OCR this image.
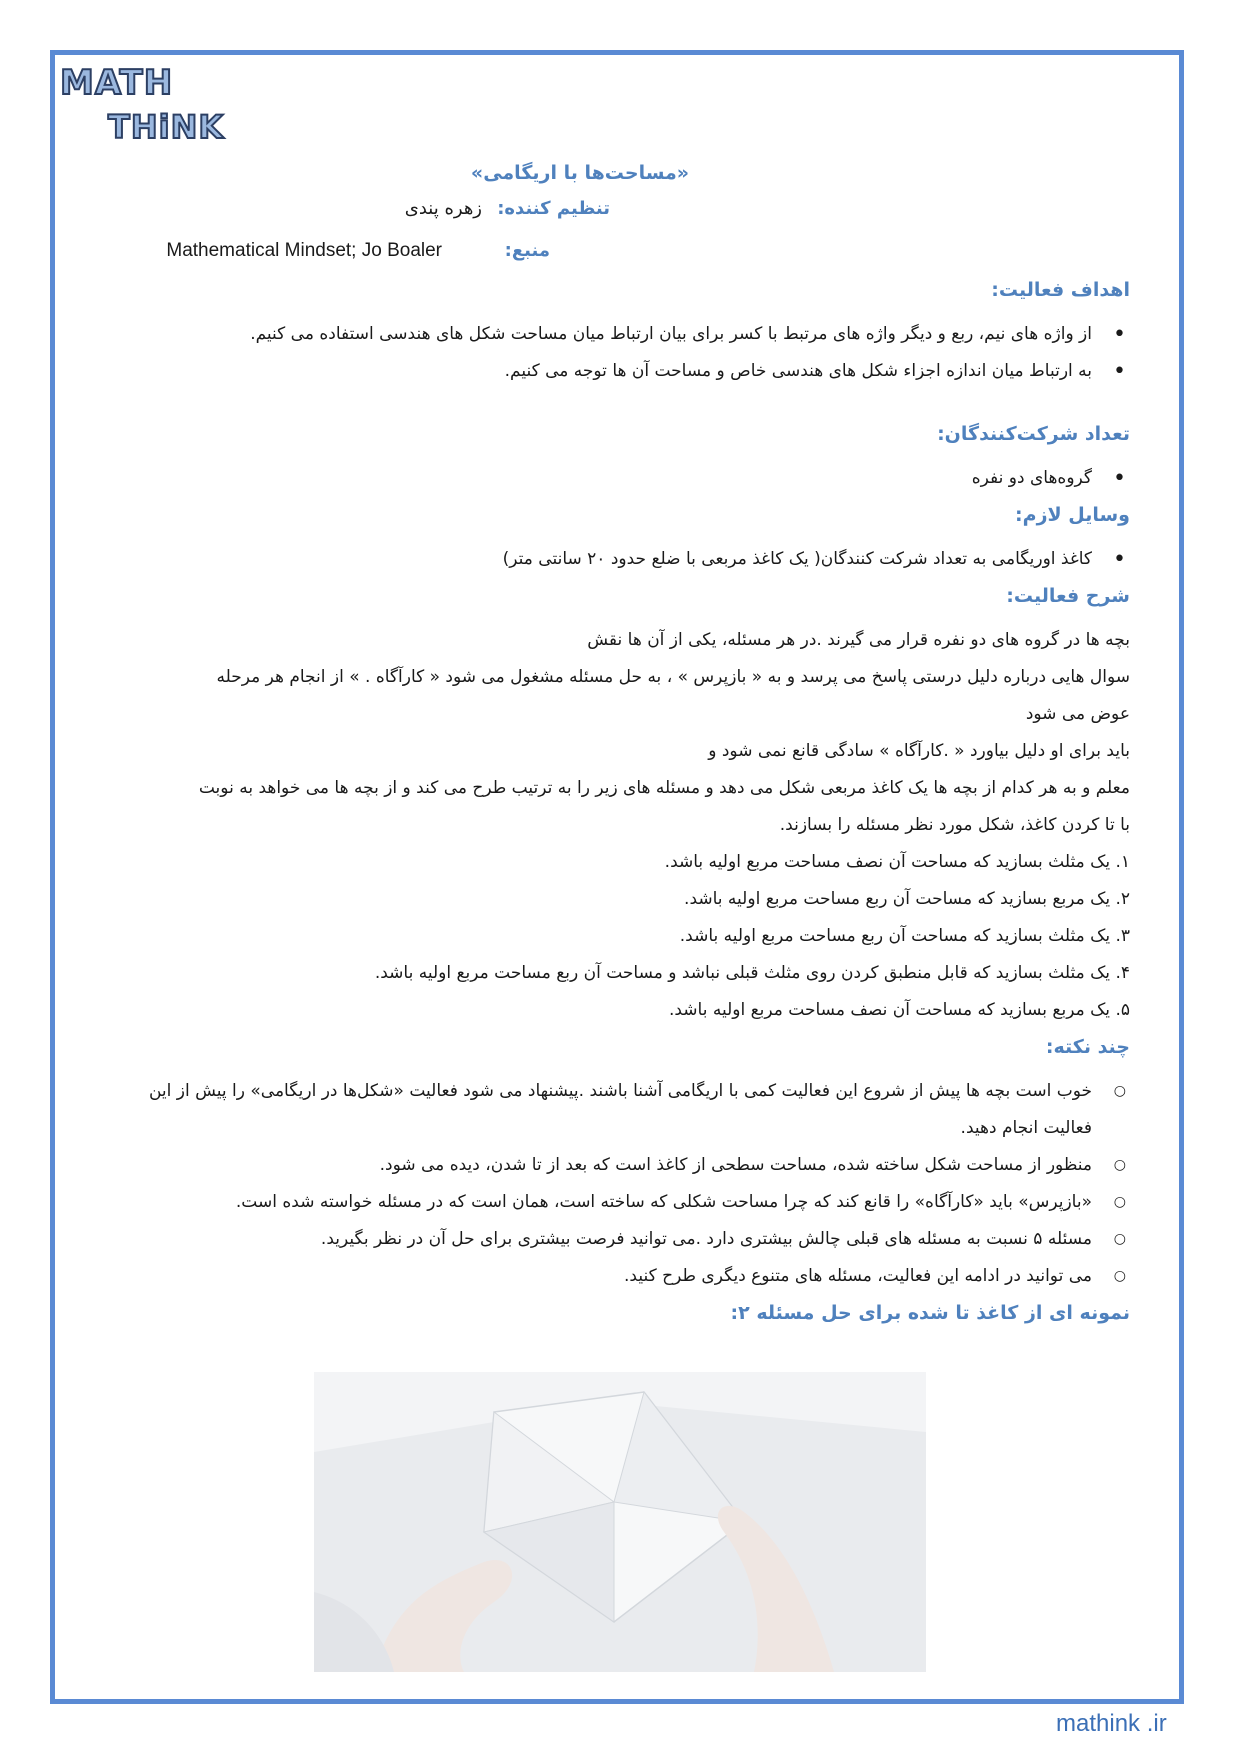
MATH
THiNK

«مساحت‌ها با اریگامی»

تنظیم کننده:
زهره پندی
منبع:
Mathematical Mindset; Jo Boaler

اهداف فعالیت:

• از واژه های نیم، ربع و دیگر واژه های مرتبط با کسر برای بیان ارتباط میان مساحت شکل های هندسی استفاده می کنیم.
• به ارتباط میان اندازه اجزاء شکل های هندسی خاص و مساحت آن ها توجه می کنیم.

تعداد شرکت‌کنندگان:

• گروه‌های دو نفره

وسایل لازم:

• کاغذ اوریگامی به تعداد شرکت کنندگان( یک کاغذ مربعی با ضلع حدود ۲۰ سانتی متر)

شرح فعالیت:

بچه ها در گروه های دو نفره قرار می گیرند .در هر مسئله، یکی از آن ها نقش

سوال هایی درباره دلیل درستی پاسخ می پرسد و به « بازپرس » ، به حل مسئله مشغول می شود « کارآگاه . » از انجام هر مرحله

عوض می شود

باید برای او دلیل بیاورد « .کارآگاه » سادگی قانع نمی شود و

معلم و به هر کدام از بچه ها یک کاغذ مربعی شکل می دهد و مسئله های زیر را به ترتیب طرح می کند و از بچه ها می خواهد به نوبت

با تا کردن کاغذ، شکل مورد نظر مسئله را بسازند.

۱. یک مثلث بسازید که مساحت آن نصف مساحت مربع اولیه باشد.
۲. یک مربع بسازید که مساحت آن ربع مساحت مربع اولیه باشد.
۳. یک مثلث بسازید که مساحت آن ربع مساحت مربع اولیه باشد.
۴. یک مثلث بسازید که قابل منطبق کردن روی مثلث قبلی نباشد و مساحت آن ربع مساحت مربع اولیه باشد.
۵. یک مربع بسازید که مساحت آن نصف مساحت مربع اولیه باشد.

چند نکته:

○ خوب است بچه ها پیش از شروع این فعالیت کمی با اریگامی آشنا باشند .پیشنهاد می شود فعالیت «شکل‌ها در اریگامی» را پیش از این فعالیت انجام دهید.
○ منظور از مساحت شکل ساخته شده، مساحت سطحی از کاغذ است که بعد از تا شدن، دیده می شود.
○ «بازپرس» باید «کارآگاه» را قانع کند که چرا مساحت شکلی که ساخته است، همان است که در مسئله خواسته شده است.
○ مسئله ۵ نسبت به مسئله های قبلی چالش بیشتری دارد .می توانید فرصت بیشتری برای حل آن در نظر بگیرید.
○ می توانید در ادامه این فعالیت، مسئله های متنوع دیگری طرح کنید.

نمونه ای از کاغذ تا شده برای حل مسئله ۲:

mathink .ir
